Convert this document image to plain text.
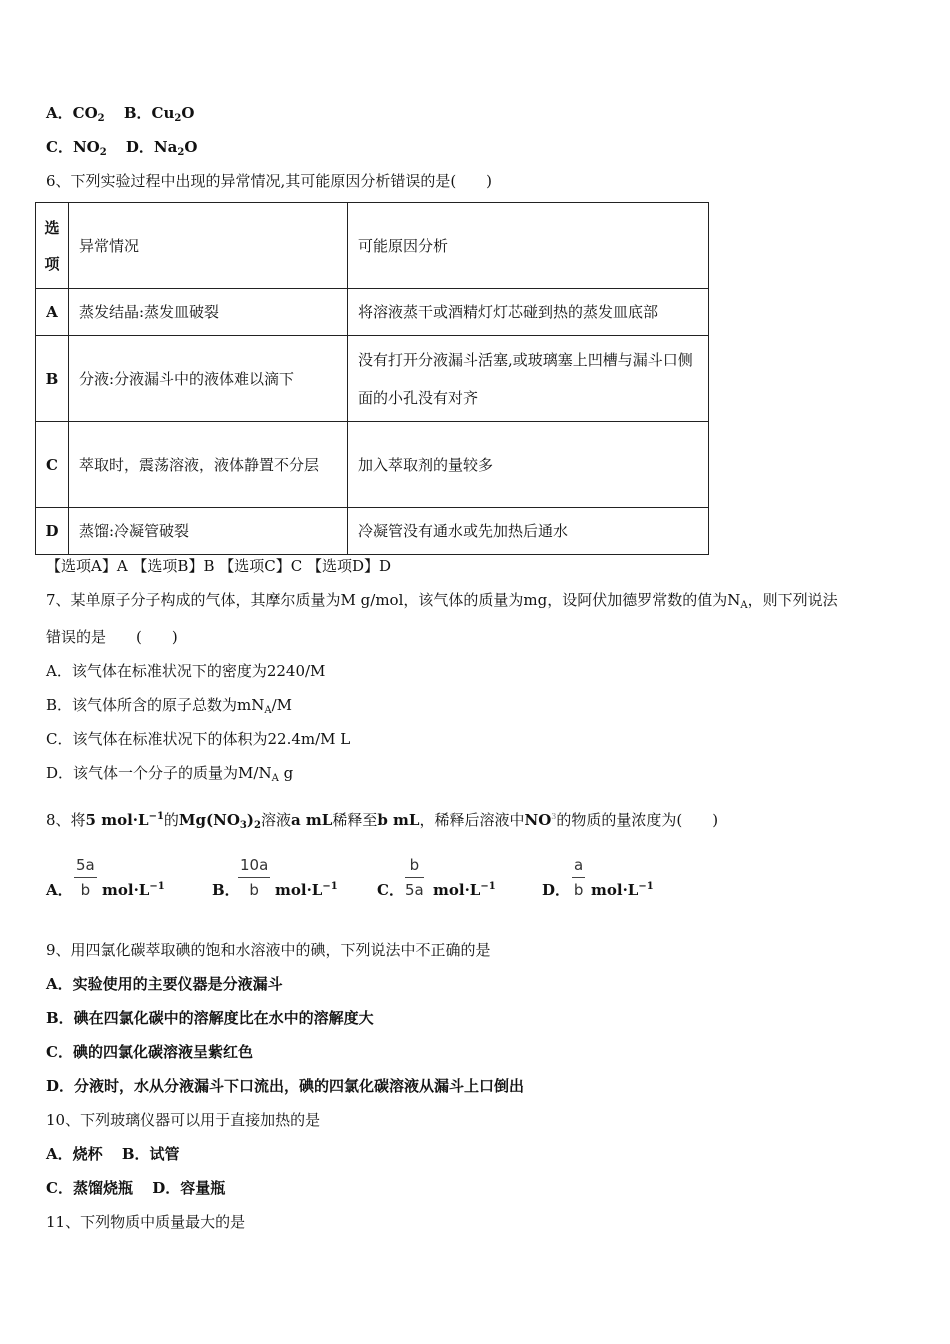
A．$CO_2$ B．$Cu_2O$
C．$NO_2$ D．$Na_2O$
6、下列实验过程中出现的异常情况,其可能原因分析错误的是(　　)
选项	异常情况	可能原因分析
A	蒸发结晶:蒸发皿破裂	将溶液蒸干或酒精灯灯芯碰到热的蒸发皿底部
B	分液:分液漏斗中的液体难以滴下	没有打开分液漏斗活塞,或玻璃塞上凹槽与漏斗口侧面的小孔没有对齐
C	萃取时，震荡溶液，液体静置不分层	加入萃取剂的量较多
D	蒸馏:冷凝管破裂	冷凝管没有通水或先加热后通水
【选项A】A 【选项B】B 【选项C】C 【选项D】D
7、某单原子分子构成的气体，其摩尔质量为M g/mol，该气体的质量为mg，设阿伏加德罗常数的值为$N_A$，则下列说法
错误的是　　(　　)
A．该气体在标准状况下的密度为2240/M
B．该气体所含的原子总数为$mN_A/M$
C．该气体在标准状况下的体积为22.4m/M L
D．该气体一个分子的质量为$M/N_A$ g
8、将5 $mol\cdot L^{-1}$的$Mg(NO_3)_2$溶液a mL稀释至b mL，稀释后溶液中$NO^3$的物质的量浓度为(　　)
A． $\frac{5a}{b} mol\cdot L^{-1}$	B．
$\frac{10a}{b} mol\cdot L^{-1}$	C． $\frac{b}{5a} mol\cdot L^{-1}$	D． $\frac{a}{b} mol\cdot L^{-1}$
9、用四氯化碳萃取碘的饱和水溶液中的碘，下列说法中不正确的是
A．实验使用的主要仪器是分液漏斗
B．碘在四氯化碳中的溶解度比在水中的溶解度大
C．碘的四氯化碳溶液呈紫红色
D．分液时，水从分液漏斗下口流出，碘的四氯化碳溶液从漏斗上口倒出
10、下列玻璃仪器可以用于直接加热的是
A．烧杯 B．试管
C．蒸馏烧瓶 D．容量瓶
11、下列物质中质量最大的是
